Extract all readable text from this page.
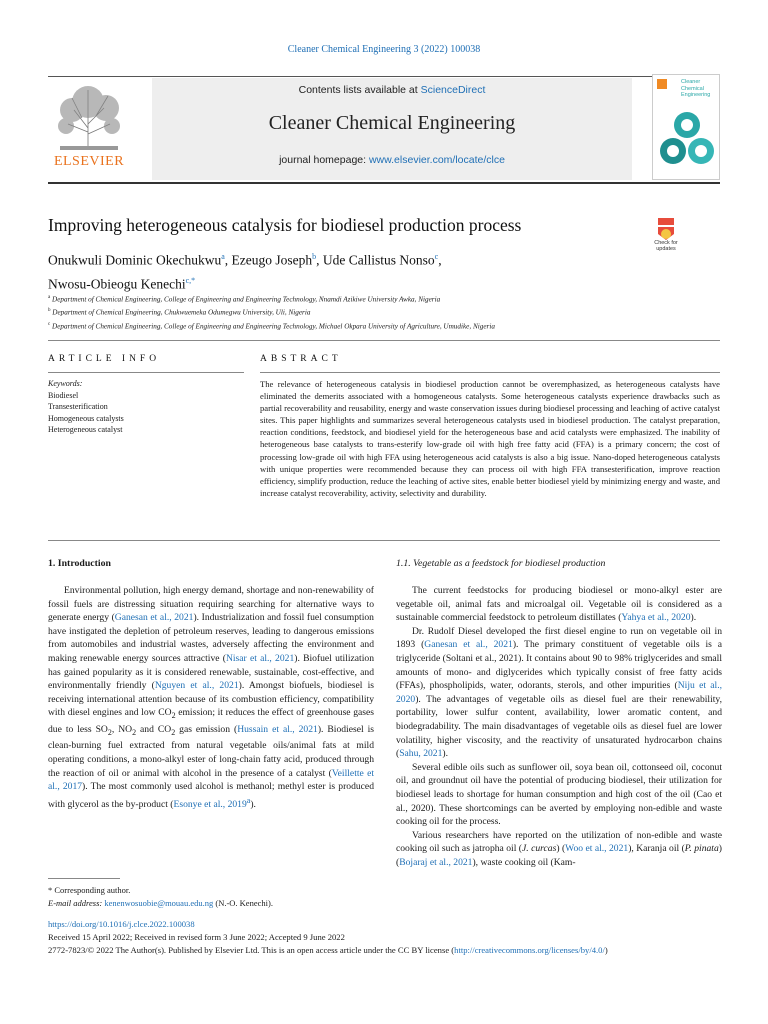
Cleaner Chemical Engineering 3 (2022) 100038
Contents lists available at ScienceDirect
Cleaner Chemical Engineering
journal homepage: www.elsevier.com/locate/clce
ELSEVIER
Cleaner Chemical Engineering
Improving heterogeneous catalysis for biodiesel production process
Check for updates
Onukwuli Dominic Okechukwu$^a$, Ezeugo Joseph$^b$, Ude Callistus Nonso$^c$,
Nwosu-Obieogu Kenechi$^{c,*}$
$^a$ Department of Chemical Engineering, College of Engineering and Engineering Technology, Nnamdi Azikiwe University Awka, Nigeria
$^b$ Department of Chemical Engineering, Chukwuemeka Odumegwu University, Uli, Nigeria
$^c$ Department of Chemical Engineering, College of Engineering and Engineering Technology, Michael Okpara University of Agriculture, Umudike, Nigeria
ARTICLE INFO
Keywords:
Biodiesel
Transesterification
Homogeneous catalysts
Heterogeneous catalyst
ABSTRACT
The relevance of heterogeneous catalysis in biodiesel production cannot be overemphasized, as heterogeneous catalysts have eliminated the demerits associated with a homogeneous catalysts. Some heterogeneous catalysts experience drawbacks such as partial recoverability and reusability, energy and waste conservation issues during biodiesel processing and leaching of active catalyst sites. This paper highlights and summarizes several heterogeneous catalysts used in biodiesel production. The catalyst preparation, reaction conditions, feedstock, and biodiesel yield for the heterogeneous base and acid catalysts were emphasized. The inability of heterogeneous base catalysts to trans-esterify low-grade oil with high free fatty acid (FFA) is a primary concern; the cost of processing low-grade oil with high FFA using heterogeneous acid catalysts is also a big issue. Nano-doped heterogeneous catalysts with unique properties were recommended because they can process oil with high FFA transesterification, improve reaction efficiency, simplify production, reduce the leaching of active sites, enable better biodiesel yield by minimizing energy and waste, and increase catalyst recoverability, activity, selectivity and durability.
1. Introduction

Environmental pollution, high energy demand, shortage and non-renewability of fossil fuels are distressing situation requiring searching for alternative ways to generate energy (Ganesan et al., 2021). Industrialization and fossil fuel consumption have instigated the depletion of petroleum reserves, leading to dangerous emissions from automobiles and industrial wastes, adversely affecting the environment and making renewable energy sources attractive (Nisar et al., 2021). Biofuel utilization has gained popularity as it is considered renewable, sustainable, cost-effective, and environmentally friendly (Nguyen et al., 2021). Amongst biofuels, biodiesel is receiving international attention because of its combustion efficiency, compatibility with diesel engines and low $CO_2$ emission; it reduces the effect of greenhouse gases due to less $SO_2$, $NO_2$ and $CO_2$ gas emission (Hussain et al., 2021). Biodiesel is clean-burning fuel extracted from natural vegetable oils/animal fats at mild operating conditions, a mono-alkyl ester of long-chain fatty acid, produced through the reaction of oil or animal with alcohol in the presence of a catalyst (Veillette et al., 2017). The most commonly used alcohol is methanol; methyl ester is produced with glycerol as the by-product (Esonye et al., 2019$^a$).

* Corresponding author.
E-mail address: kenenwosuobie@mouau.edu.ng (N.-O. Kenechi).
1.1. Vegetable as a feedstock for biodiesel production

The current feedstocks for producing biodiesel or mono-alkyl ester are vegetable oil, animal fats and microalgal oil. Vegetable oil is considered as a sustainable commercial feedstock to petroleum distillates (Yahya et al., 2020).

Dr. Rudolf Diesel developed the first diesel engine to run on vegetable oil in 1893 (Ganesan et al., 2021). The primary constituent of vegetable oils is a triglyceride (Soltani et al., 2021). It contains about 90 to 98% triglycerides and small amounts of mono- and diglycerides which typically consist of free fatty acids (FFAs), phospholipids, water, odorants, sterols, and other impurities (Niju et al., 2020). The advantages of vegetable oils as diesel fuel are their renewability, portability, lower sulfur content, availability, lower aromatic content, and biodegradability. The main disadvantages of vegetable oils as diesel fuel are lower volatility, higher viscosity, and the reactivity of unsaturated hydrocarbon chains (Sahu, 2021).

Several edible oils such as sunflower oil, soya bean oil, cottonseed oil, coconut oil, and groundnut oil have the potential of producing biodiesel, their utilization for biodiesel leads to shortage for human consumption and high cost of the oil (Cao et al., 2020). These shortcomings can be averted by employing non-edible and waste cooking oil for the process.

Various researchers have reported on the utilization of non-edible and waste cooking oil such as jatropha oil (J. curcas) (Woo et al., 2021), Karanja oil (P. pinata) (Bojaraj et al., 2021), waste cooking oil (Kam-

https://doi.org/10.1016/j.clce.2022.100038
Received 15 April 2022; Received in revised form 3 June 2022; Accepted 9 June 2022
2772-7823/© 2022 The Author(s). Published by Elsevier Ltd. This is an open access article under the CC BY license (http://creativecommons.org/licenses/by/4.0/)
